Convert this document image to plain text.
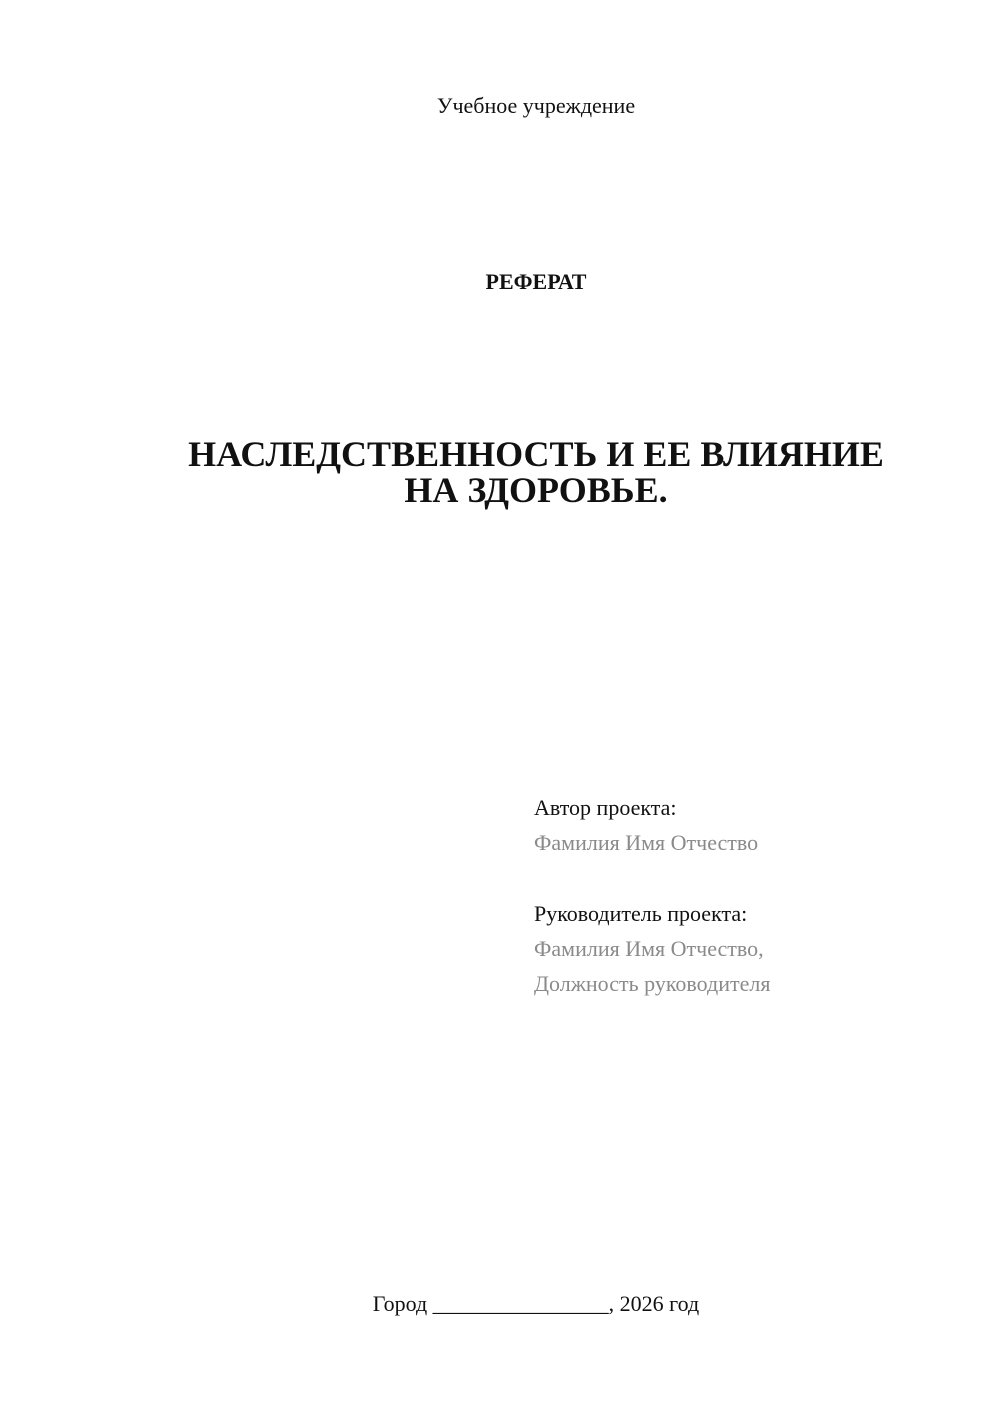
Учебное учреждение
РЕФЕРАТ
НАСЛЕДСТВЕННОСТЬ И ЕЕ ВЛИЯНИЕ
НА ЗДОРОВЬЕ.
Автор проекта:
Фамилия Имя Отчество
Руководитель проекта:
Фамилия Имя Отчество,
Должность руководителя
Город ________________, 2026 год
